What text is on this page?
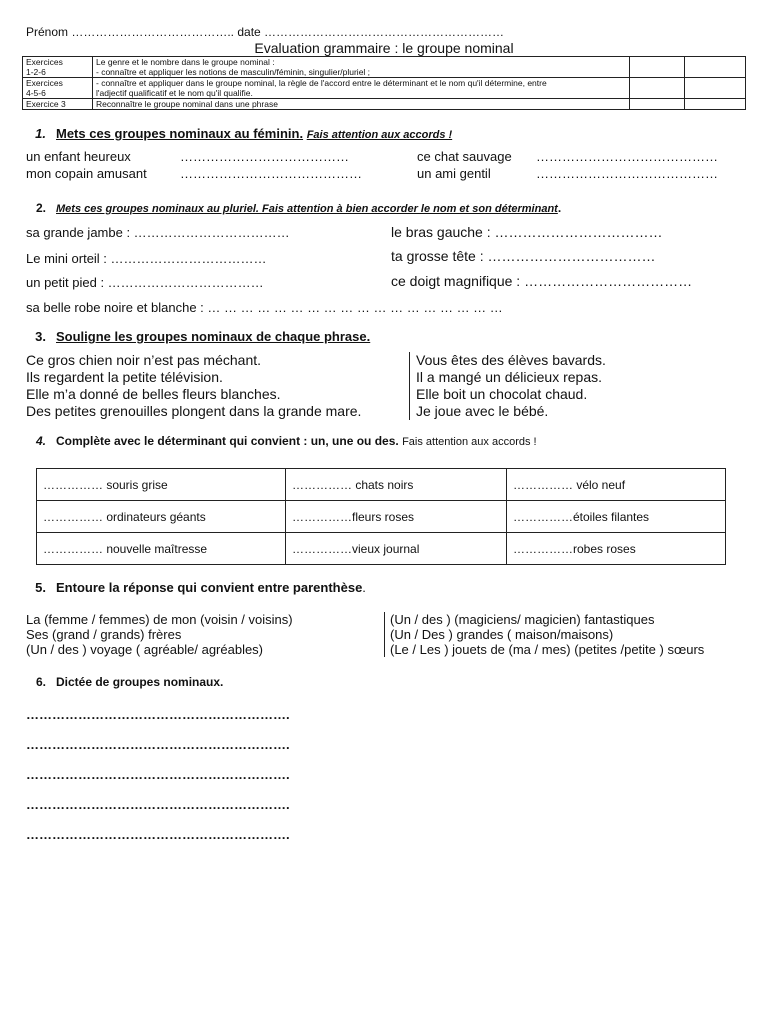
Prénom ………………………………….. date ……………………………………………………
Evaluation grammaire : le groupe nominal
Exercices
1-2-6	Le genre et le nombre dans le groupe nominal :
- connaître et appliquer les notions de masculin/féminin, singulier/pluriel ;		
Exercices
4-5-6	- connaître et appliquer dans le groupe nominal, la règle de l'accord entre le déterminant et le nom qu'il détermine, entre
l'adjectif qualificatif et le nom qu'il qualifie.		
Exercice 3	Reconnaître le groupe nominal dans une phrase		
1. Mets ces groupes nominaux au féminin. Fais attention aux accords !
un enfant heureux	…………………………………	ce chat sauvage ……………………………………
mon copain amusant	……………………………………	un ami gentil	……………………………………
2. Mets ces groupes nominaux au pluriel. Fais attention à bien accorder le nom et son déterminant.
sa grande jambe : ………………………………	le bras gauche : ………………………………
Le mini orteil : ………………………………	ta grosse tête : ………………………………
un petit pied : ………………………………	ce doigt magnifique : ………………………………
sa belle robe noire et blanche : … … … … … … … … … … … … … … … … … …
3. Souligne les groupes nominaux de chaque phrase.
Ce gros chien noir n’est pas méchant.
Ils regardent la petite télévision.
Elle m’a donné de belles fleurs blanches.
Des petites grenouilles plongent dans la grande mare.
Vous êtes des élèves bavards.
Il a mangé un délicieux repas.
Elle boit un chocolat chaud.
Je joue avec le bébé.
4. Complète avec le déterminant qui convient : un, une ou des. Fais attention aux accords !
…………… souris grise	…………… chats noirs	…………… vélo neuf
…………… ordinateurs géants	……………fleurs roses	……………étoiles filantes
…………… nouvelle maîtresse	……………vieux journal	……………robes roses
5. Entoure la réponse qui convient entre parenthèse.
La (femme / femmes) de mon (voisin / voisins)
Ses (grand / grands) frères
(Un / des ) voyage ( agréable/ agréables)
(Un / des ) (magiciens/ magicien) fantastiques
(Un / Des ) grandes ( maison/maisons)
(Le / Les ) jouets de (ma / mes) (petites /petite ) sœurs
6. Dictée de groupes nominaux.
…………………………………………………….
…………………………………………………….
…………………………………………………….
…………………………………………………….
…………………………………………………….
